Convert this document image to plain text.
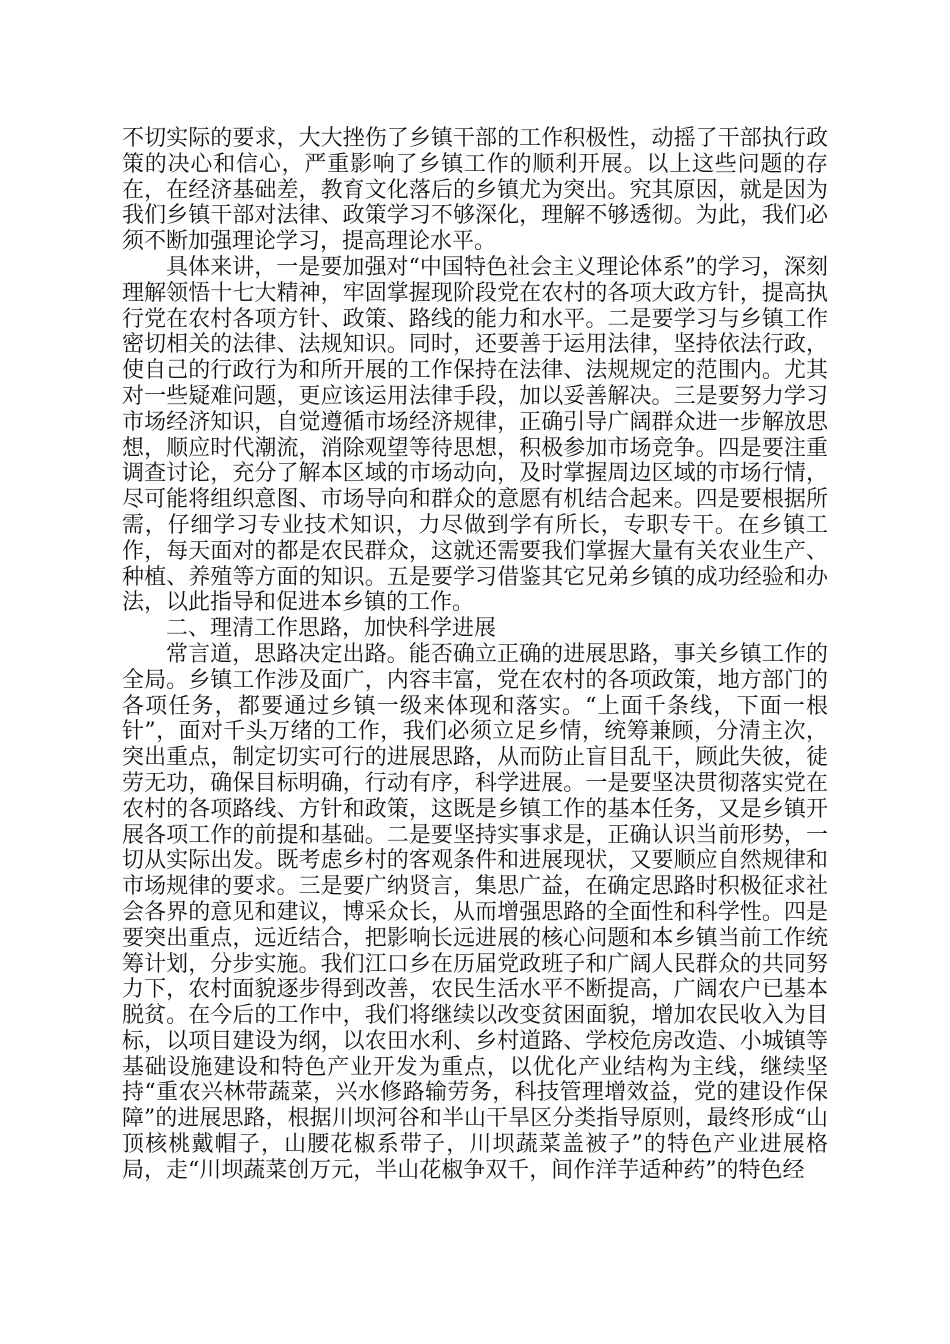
不切实际的要求，大大挫伤了乡镇干部的工作积极性，动摇了干部执行政策的决心和信心，严重影响了乡镇工作的顺利开展。以上这些问题的存在，在经济基础差，教育文化落后的乡镇尤为突出。究其原因，就是因为我们乡镇干部对法律、政策学习不够深化，理解不够透彻。为此，我们必须不断加强理论学习，提高理论水平。

具体来讲，一是要加强对“中国特色社会主义理论体系”的学习，深刻理解领悟十七大精神，牢固掌握现阶段党在农村的各项大政方针，提高执行党在农村各项方针、政策、路线的能力和水平。二是要学习与乡镇工作密切相关的法律、法规知识。同时，还要善于运用法律，坚持依法行政，使自己的行政行为和所开展的工作保持在法律、法规规定的范围内。尤其对一些疑难问题，更应该运用法律手段，加以妥善解决。三是要努力学习市场经济知识，自觉遵循市场经济规律，正确引导广阔群众进一步解放思想，顺应时代潮流，消除观望等待思想，积极参加市场竞争。四是要注重调查讨论，充分了解本区域的市场动向，及时掌握周边区域的市场行情，尽可能将组织意图、市场导向和群众的意愿有机结合起来。四是要根据所需，仔细学习专业技术知识，力尽做到学有所长，专职专干。在乡镇工作，每天面对的都是农民群众，这就还需要我们掌握大量有关农业生产、种植、养殖等方面的知识。五是要学习借鉴其它兄弟乡镇的成功经验和办法，以此指导和促进本乡镇的工作。

二、理清工作思路，加快科学进展

常言道，思路决定出路。能否确立正确的进展思路，事关乡镇工作的全局。乡镇工作涉及面广，内容丰富，党在农村的各项政策，地方部门的各项任务，都要通过乡镇一级来体现和落实。“上面千条线，下面一根针”，面对千头万绪的工作，我们必须立足乡情，统筹兼顾，分清主次，突出重点，制定切实可行的进展思路，从而防止盲目乱干，顾此失彼，徒劳无功，确保目标明确，行动有序，科学进展。一是要坚决贯彻落实党在农村的各项路线、方针和政策，这既是乡镇工作的基本任务，又是乡镇开展各项工作的前提和基础。二是要坚持实事求是，正确认识当前形势，一切从实际出发。既考虑乡村的客观条件和进展现状，又要顺应自然规律和市场规律的要求。三是要广纳贤言，集思广益，在确定思路时积极征求社会各界的意见和建议，博采众长，从而增强思路的全面性和科学性。四是要突出重点，远近结合，把影响长远进展的核心问题和本乡镇当前工作统筹计划，分步实施。我们江口乡在历届党政班子和广阔人民群众的共同努力下，农村面貌逐步得到改善，农民生活水平不断提高，广阔农户已基本脱贫。在今后的工作中，我们将继续以改变贫困面貌，增加农民收入为目标，以项目建设为纲，以农田水利、乡村道路、学校危房改造、小城镇等基础设施建设和特色产业开发为重点，以优化产业结构为主线，继续坚持“重农兴林带蔬菜，兴水修路输劳务，科技管理增效益，党的建设作保障”的进展思路，根据川坝河谷和半山干旱区分类指导原则，最终形成“山顶核桃戴帽子，山腰花椒系带子，川坝蔬菜盖被子”的特色产业进展格局，走“川坝蔬菜创万元，半山花椒争双千，间作洋芋适种药”的特色经
